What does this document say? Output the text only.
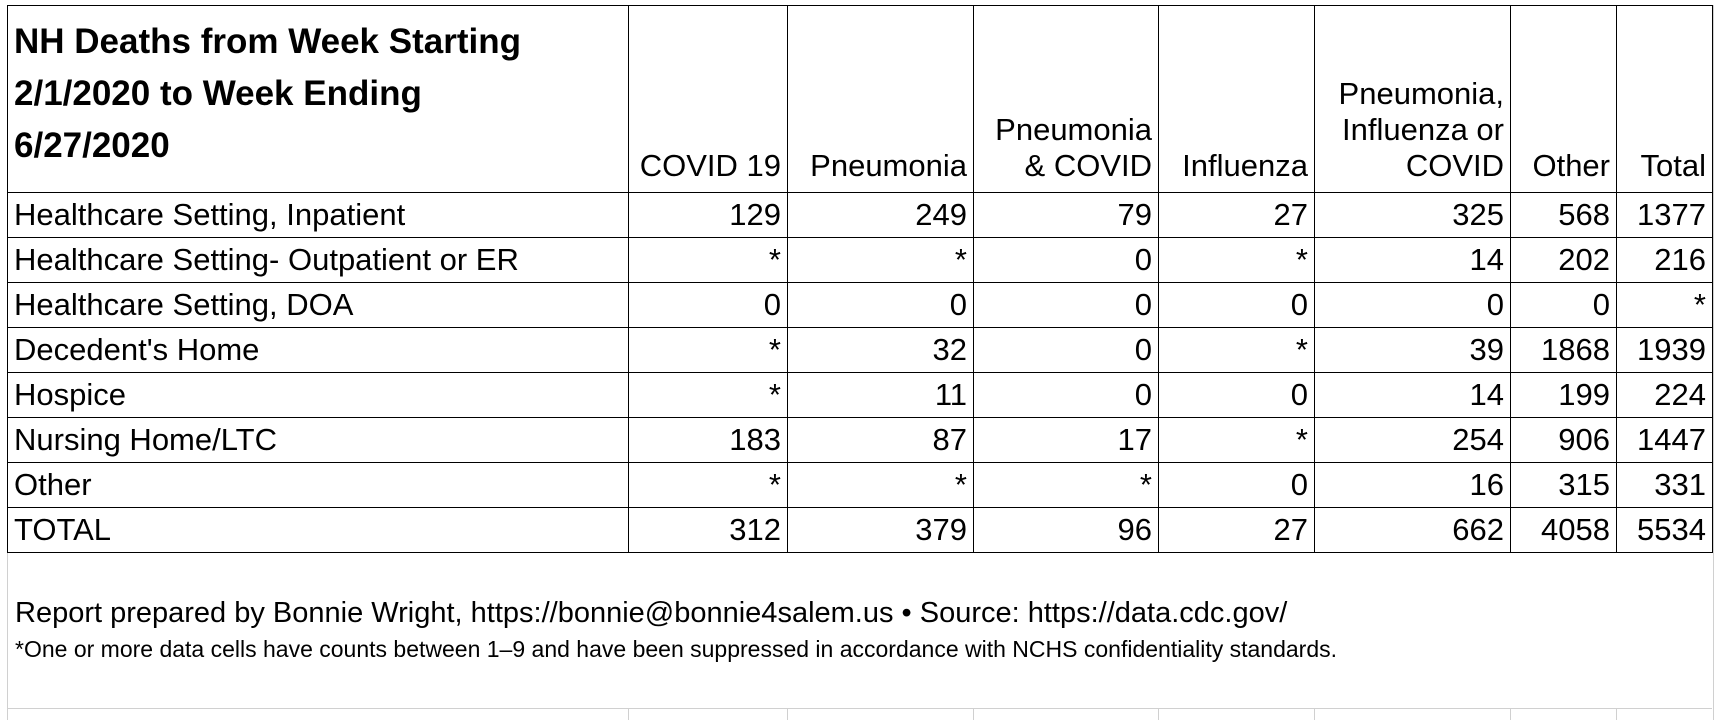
NH Deaths from Week Starting
2/1/2020 to Week Ending
6/27/2020	COVID 19	Pneumonia	Pneumonia
& COVID	Influenza	Pneumonia,
Influenza or
COVID	Other	Total

Healthcare Setting, Inpatient	129	249	79	27	325	568	1377
Healthcare Setting- Outpatient or ER	*	*	0	*	14	202	216
Healthcare Setting, DOA	0	0	0	0	0	0	*
Decedent's Home	*	32	0	*	39	1868	1939
Hospice	*	11	0	0	14	199	224
Nursing Home/LTC	183	87	17	*	254	906	1447
Other	*	*	*	0	16	315	331
TOTAL	312	379	96	27	662	4058	5534
Report prepared by Bonnie Wright, https://bonnie@bonnie4salem.us • Source: https://data.cdc.gov/
*One or more data cells have counts between 1–9 and have been suppressed in accordance with NCHS confidentiality standards.
